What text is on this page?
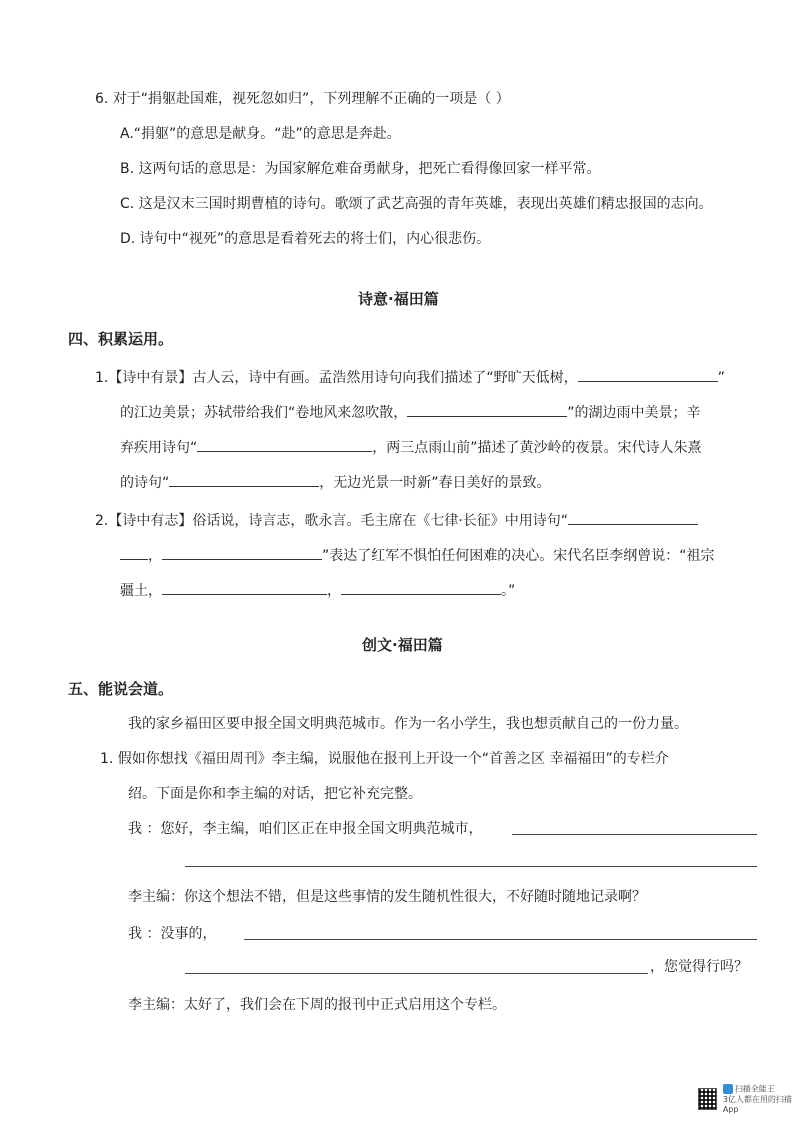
6. 对于“捐躯赴国难，视死忽如归”，下列理解不正确的一项是（ ）
A.“捐躯”的意思是献身。“赴”的意思是奔赴。
B. 这两句话的意思是：为国家解危难奋勇献身，把死亡看得像回家一样平常。
C. 这是汉末三国时期曹植的诗句。歌颂了武艺高强的青年英雄，表现出英雄们精忠报国的志向。
D. 诗句中“视死”的意思是看着死去的将士们，内心很悲伤。
诗意·福田篇
四、积累运用。
1.【诗中有景】古人云，诗中有画。孟浩然用诗句向我们描述了“野旷天低树，	”
的江边美景；苏轼带给我们“卷地风来忽吹散，	”的湖边雨中美景；辛
弃疾用诗句“	，两三点雨山前”描述了黄沙岭的夜景。宋代诗人朱熹
的诗句“	，无边光景一时新”春日美好的景致。
2.【诗中有志】俗话说，诗言志，歌永言。毛主席在《七律·长征》中用诗句“
，	”表达了红军不惧怕任何困难的决心。宋代名臣李纲曾说：“祖宗
疆土，	，	。”
创文·福田篇
五、能说会道。
我的家乡福田区要申报全国文明典范城市。作为一名小学生，我也想贡献自己的一份力量。
1. 假如你想找《福田周刊》李主编，说服他在报刊上开设一个“首善之区 幸福福田”的专栏介
绍。下面是你和李主编的对话，把它补充完整。
我 ：您好，李主编，咱们区正在申报全国文明典范城市，
李主编：你这个想法不错，但是这些事情的发生随机性很大，不好随时随地记录啊？
我 ：没事的，
，您觉得行吗？
李主编：太好了，我们会在下周的报刊中正式启用这个专栏。
扫描全能王
3亿人都在用的扫描App
